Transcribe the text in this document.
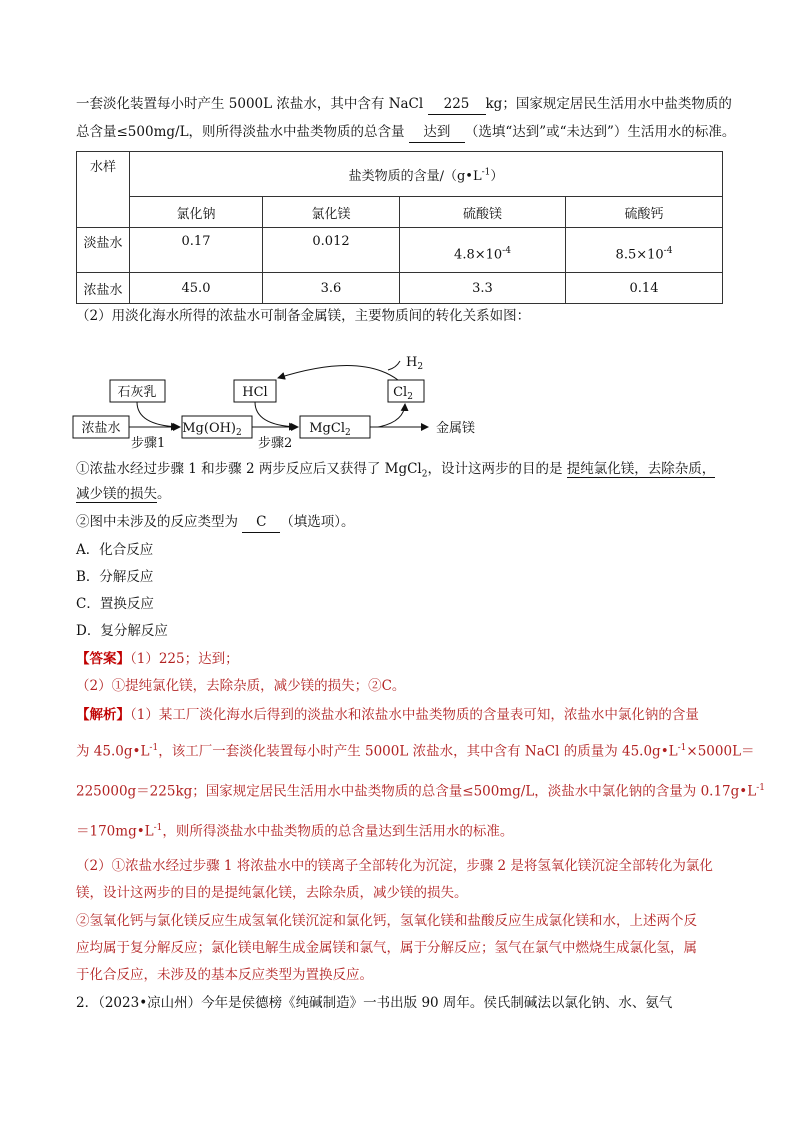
一套淡化装置每小时产生 5000L 浓盐水，其中含有 NaCl 225 kg；国家规定居民生活用水中盐类物质的
总含量≤500mg/L，则所得淡盐水中盐类物质的总含量 达到 （选填“达到”或“未达到”）生活用水的标准。
水样	盐类物质的含量$/(g•L^{-1})$			
	氯化钠	氯化镁	硫酸镁	硫酸钙
淡盐水	0.17	0.012	$4.8\times 10^{-4}$	$8.5\times 10^{-4}$
浓盐水	45.0	3.6	3.3	0.14
（2）用淡化海水所得的浓盐水可制备金属镁，主要物质间的转化关系如图：
浓盐水
石灰乳
$Mg(OH)_2$
HCl
MgCl$_2$
$Cl_2$
$H_2$
步骤1	步骤2
金属镁
①浓盐水经过步骤 1 和步骤 2 两步反应后又获得了 MgCl$_2$，设计这两步的目的是 提纯氯化镁，去除杂质，
减少镁的损失。
②图中未涉及的反应类型为 C （填选项）。
A．化合反应
B．分解反应
C．置换反应
D．复分解反应
【答案】（1）225；达到；
（2）①提纯氯化镁，去除杂质，减少镁的损失；②C。
【解析】（1）某工厂淡化海水后得到的淡盐水和浓盐水中盐类物质的含量表可知，浓盐水中氯化钠的含量
为 $45.0g•L^{-1}$，该工厂一套淡化装置每小时产生 5000L 浓盐水，其中含有 NaCl 的质量为 $45.0g•L^{-1}\times 5000L=$
225000g＝225kg；国家规定居民生活用水中盐类物质的总含量≤500mg/L，淡盐水中氯化钠的含量为 $0.17g•L^{-1}$
$=170mg•L^{-1}$，则所得淡盐水中盐类物质的总含量达到生活用水的标准。
（2）①浓盐水经过步骤 1 将浓盐水中的镁离子全部转化为沉淀，步骤 2 是将氢氧化镁沉淀全部转化为氯化
镁，设计这两步的目的是提纯氯化镁，去除杂质，减少镁的损失。
②氢氧化钙与氯化镁反应生成氢氧化镁沉淀和氯化钙，氢氧化镁和盐酸反应生成氯化镁和水，上述两个反
应均属于复分解反应；氯化镁电解生成金属镁和氯气，属于分解反应；氢气在氯气中燃烧生成氯化氢，属
于化合反应，未涉及的基本反应类型为置换反应。
2．（2023•凉山州）今年是侯德榜《纯碱制造》一书出版 90 周年。侯氏制碱法以氯化钠、水、氨气
